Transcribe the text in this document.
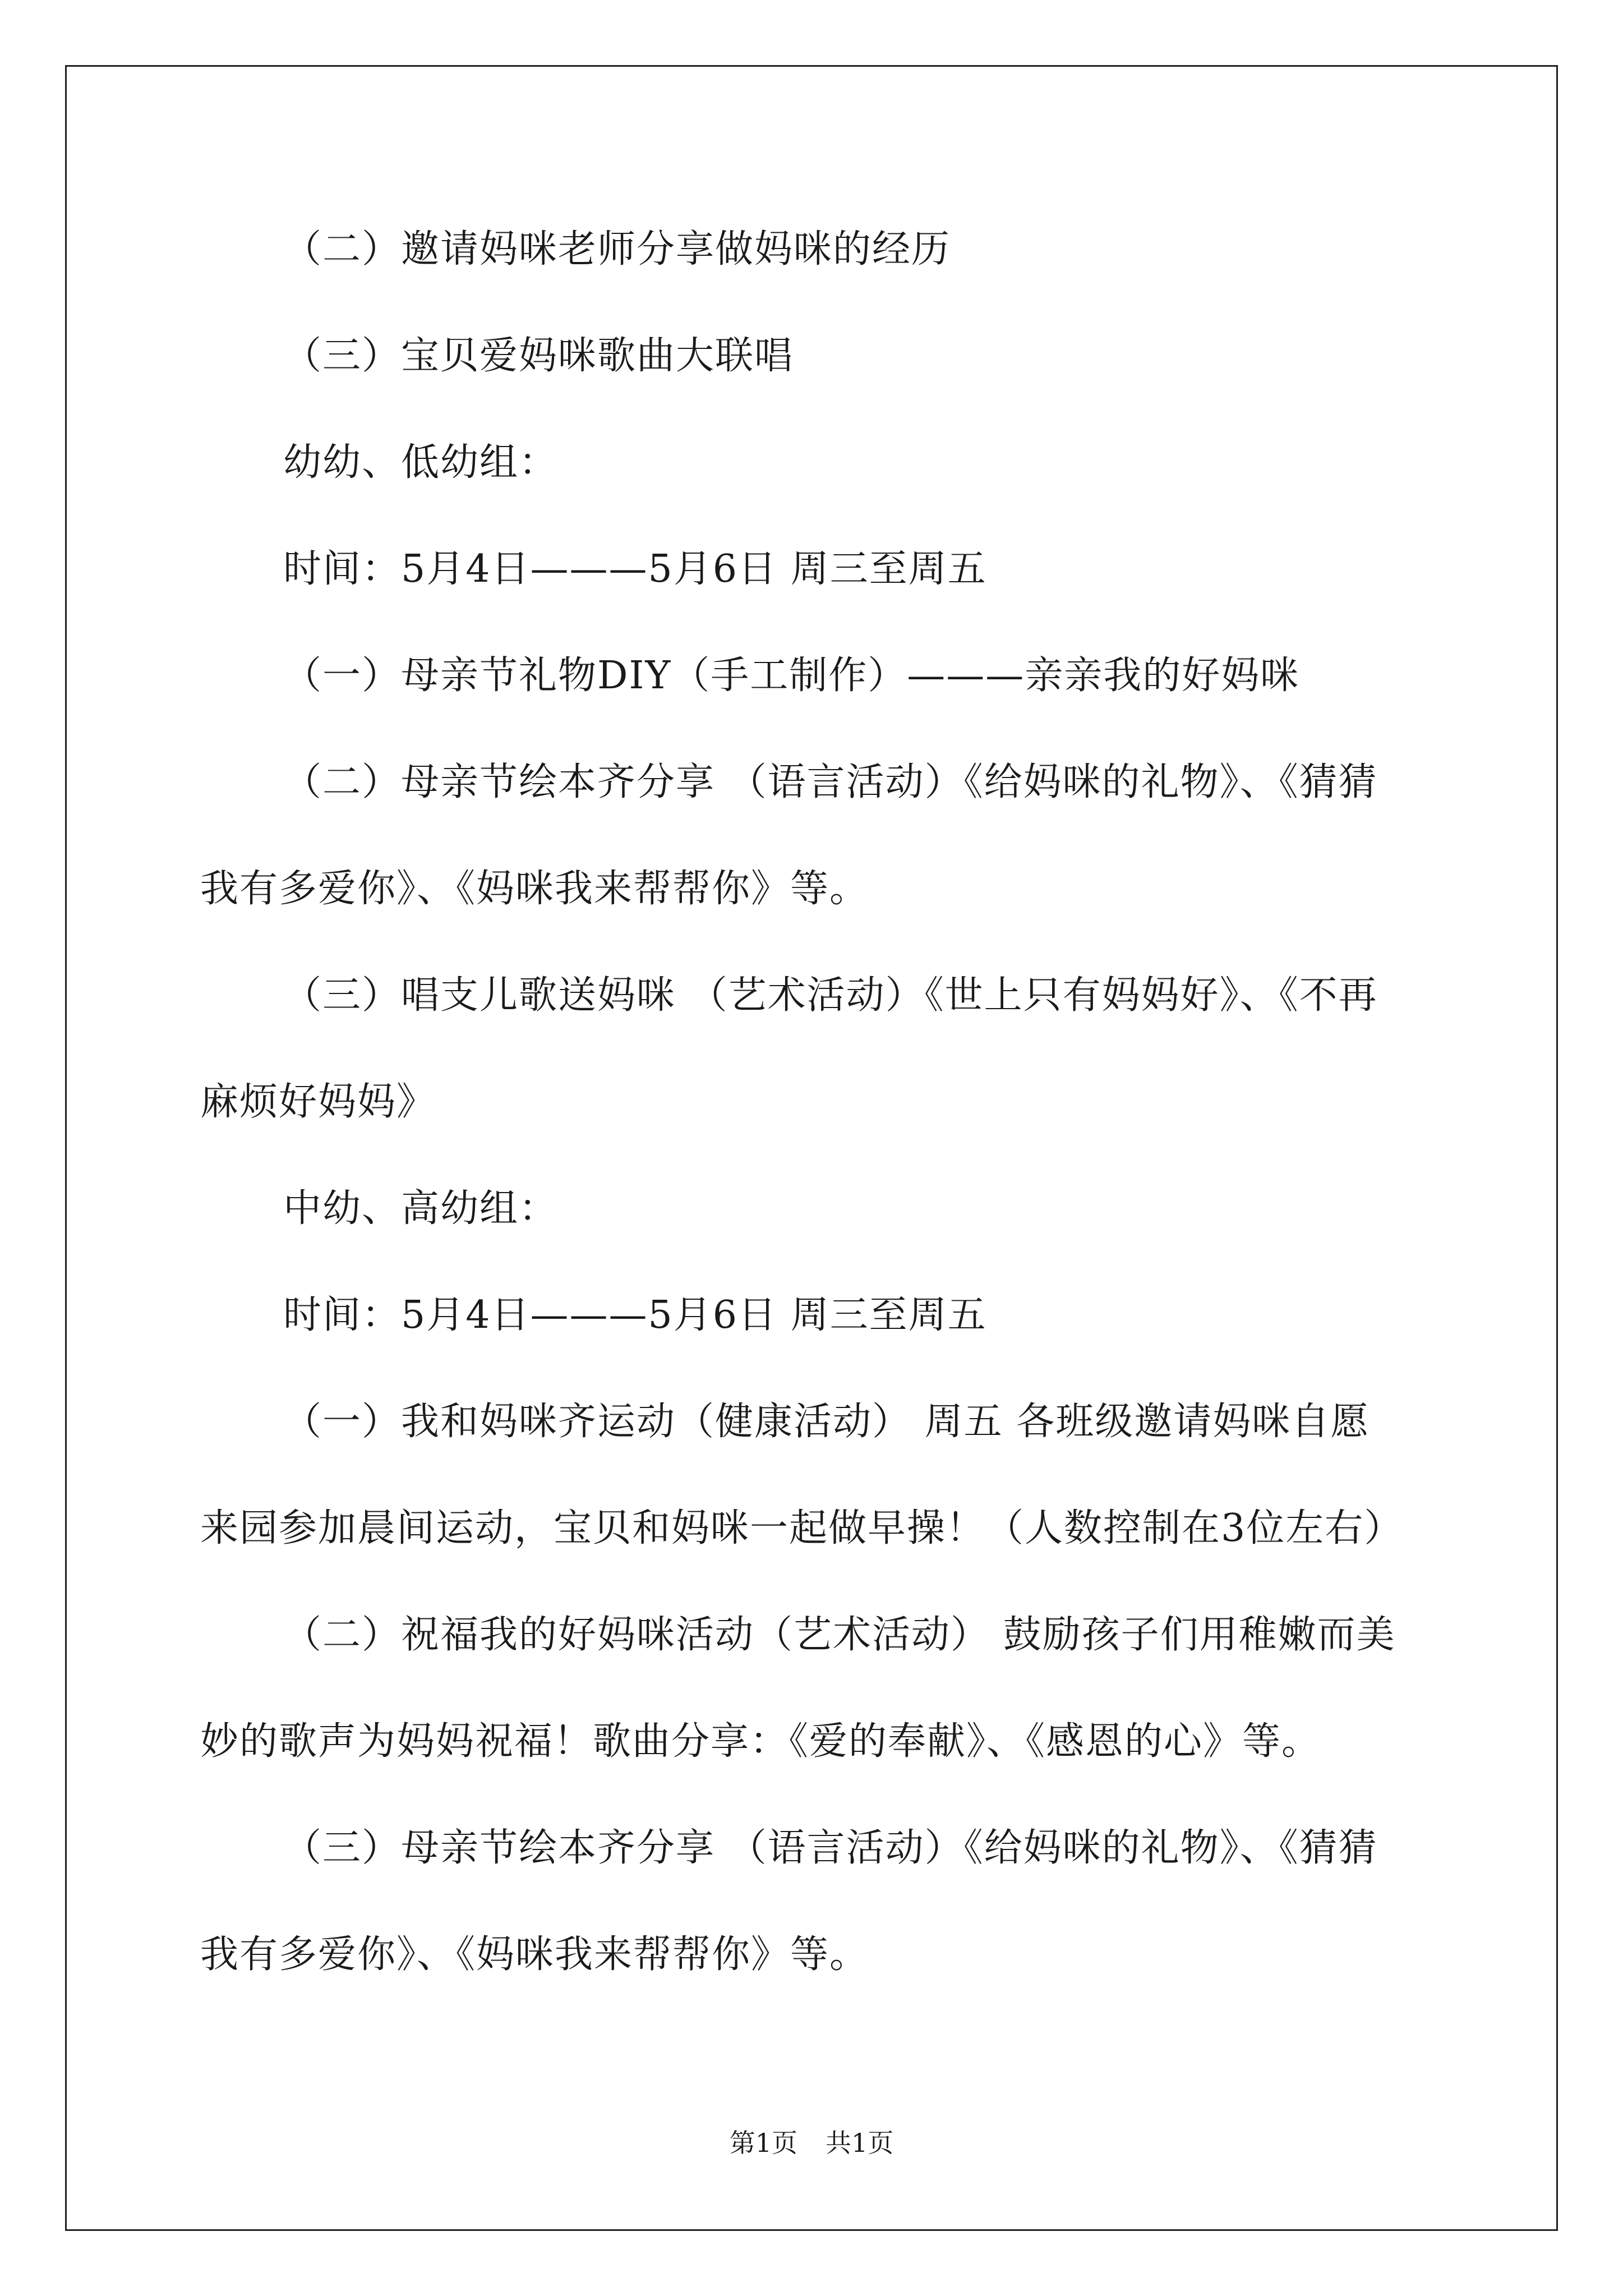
（二）邀请妈咪老师分享做妈咪的经历
（三）宝贝爱妈咪歌曲大联唱
幼幼、低幼组：
时间：5月4日———5月6日 周三至周五
（一）母亲节礼物DIY（手工制作）———亲亲我的好妈咪
（二）母亲节绘本齐分享 （语言活动）《给妈咪的礼物》、《猜猜
我有多爱你》、《妈咪我来帮帮你》等。
（三）唱支儿歌送妈咪 （艺术活动）《世上只有妈妈好》、《不再
麻烦好妈妈》
中幼、高幼组：
时间：5月4日———5月6日 周三至周五
（一）我和妈咪齐运动（健康活动） 周五 各班级邀请妈咪自愿
来园参加晨间运动，宝贝和妈咪一起做早操！（人数控制在3位左右）
（二）祝福我的好妈咪活动（艺术活动） 鼓励孩子们用稚嫩而美
妙的歌声为妈妈祝福！歌曲分享：《爱的奉献》、《感恩的心》等。
（三）母亲节绘本齐分享 （语言活动）《给妈咪的礼物》、《猜猜
我有多爱你》、《妈咪我来帮帮你》等。
第1页 共1页
